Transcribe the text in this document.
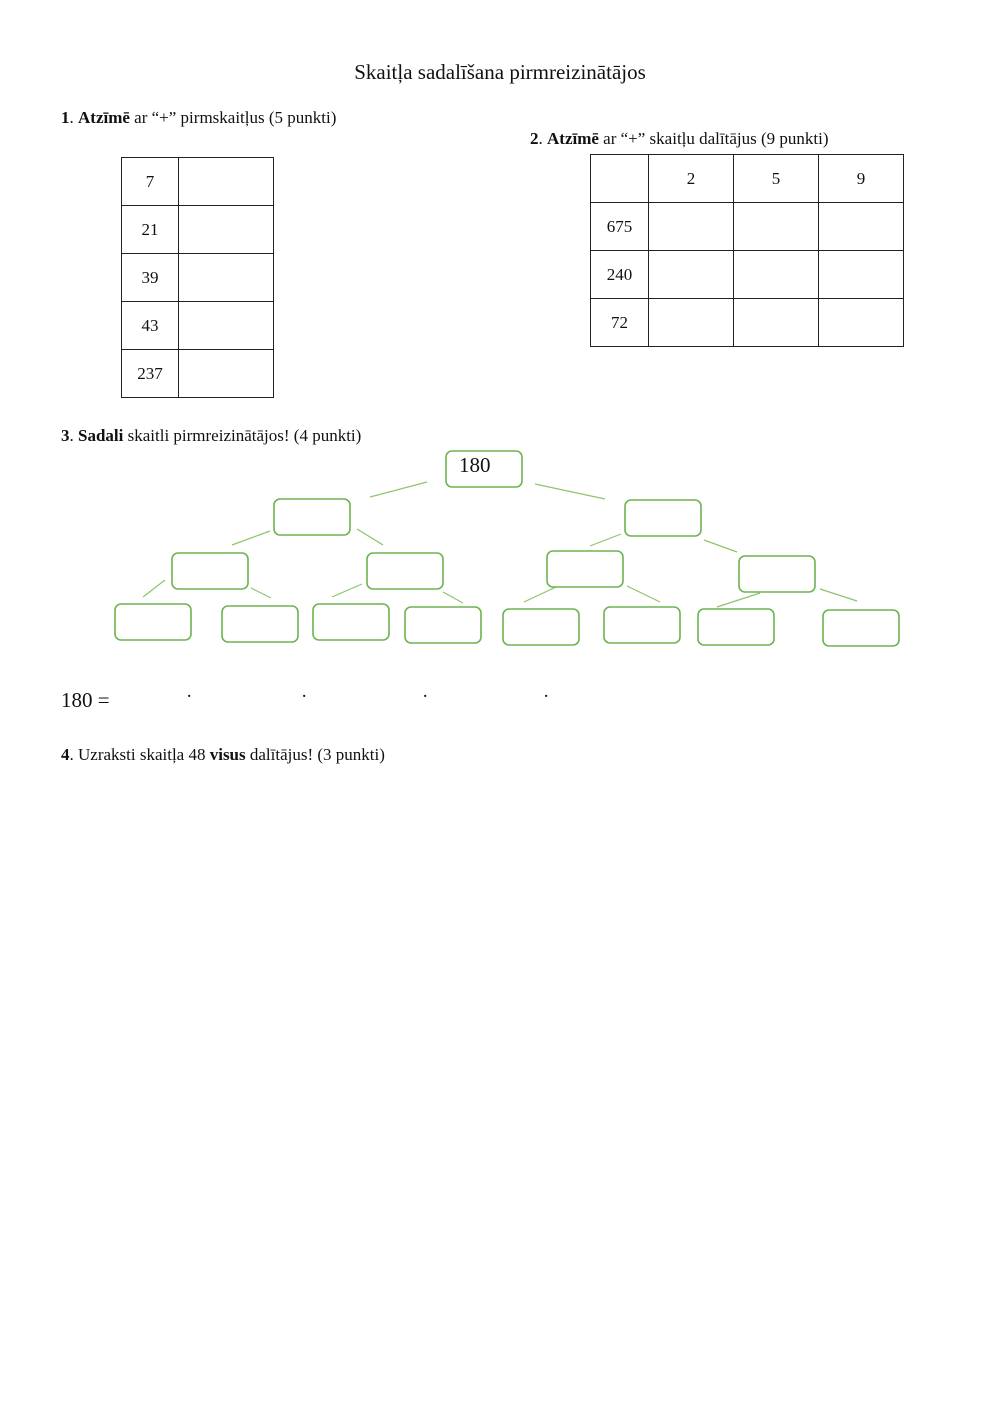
Skaitļa sadalīšana pirmreizinātājos
1. Atzīmē ar “+” pirmskaitļus (5 punkti)
7	
21	
39	
43	
237	
2. Atzīmē ar “+” skaitļu dalītājus (9 punkti)
	2	5	9
675			
240			
72			
3. Sadali skaitli pirmreizinātājos! (4 punkti)
180
180 =	·	·	·	·
4. Uzraksti skaitļa 48 visus dalītājus! (3 punkti)
